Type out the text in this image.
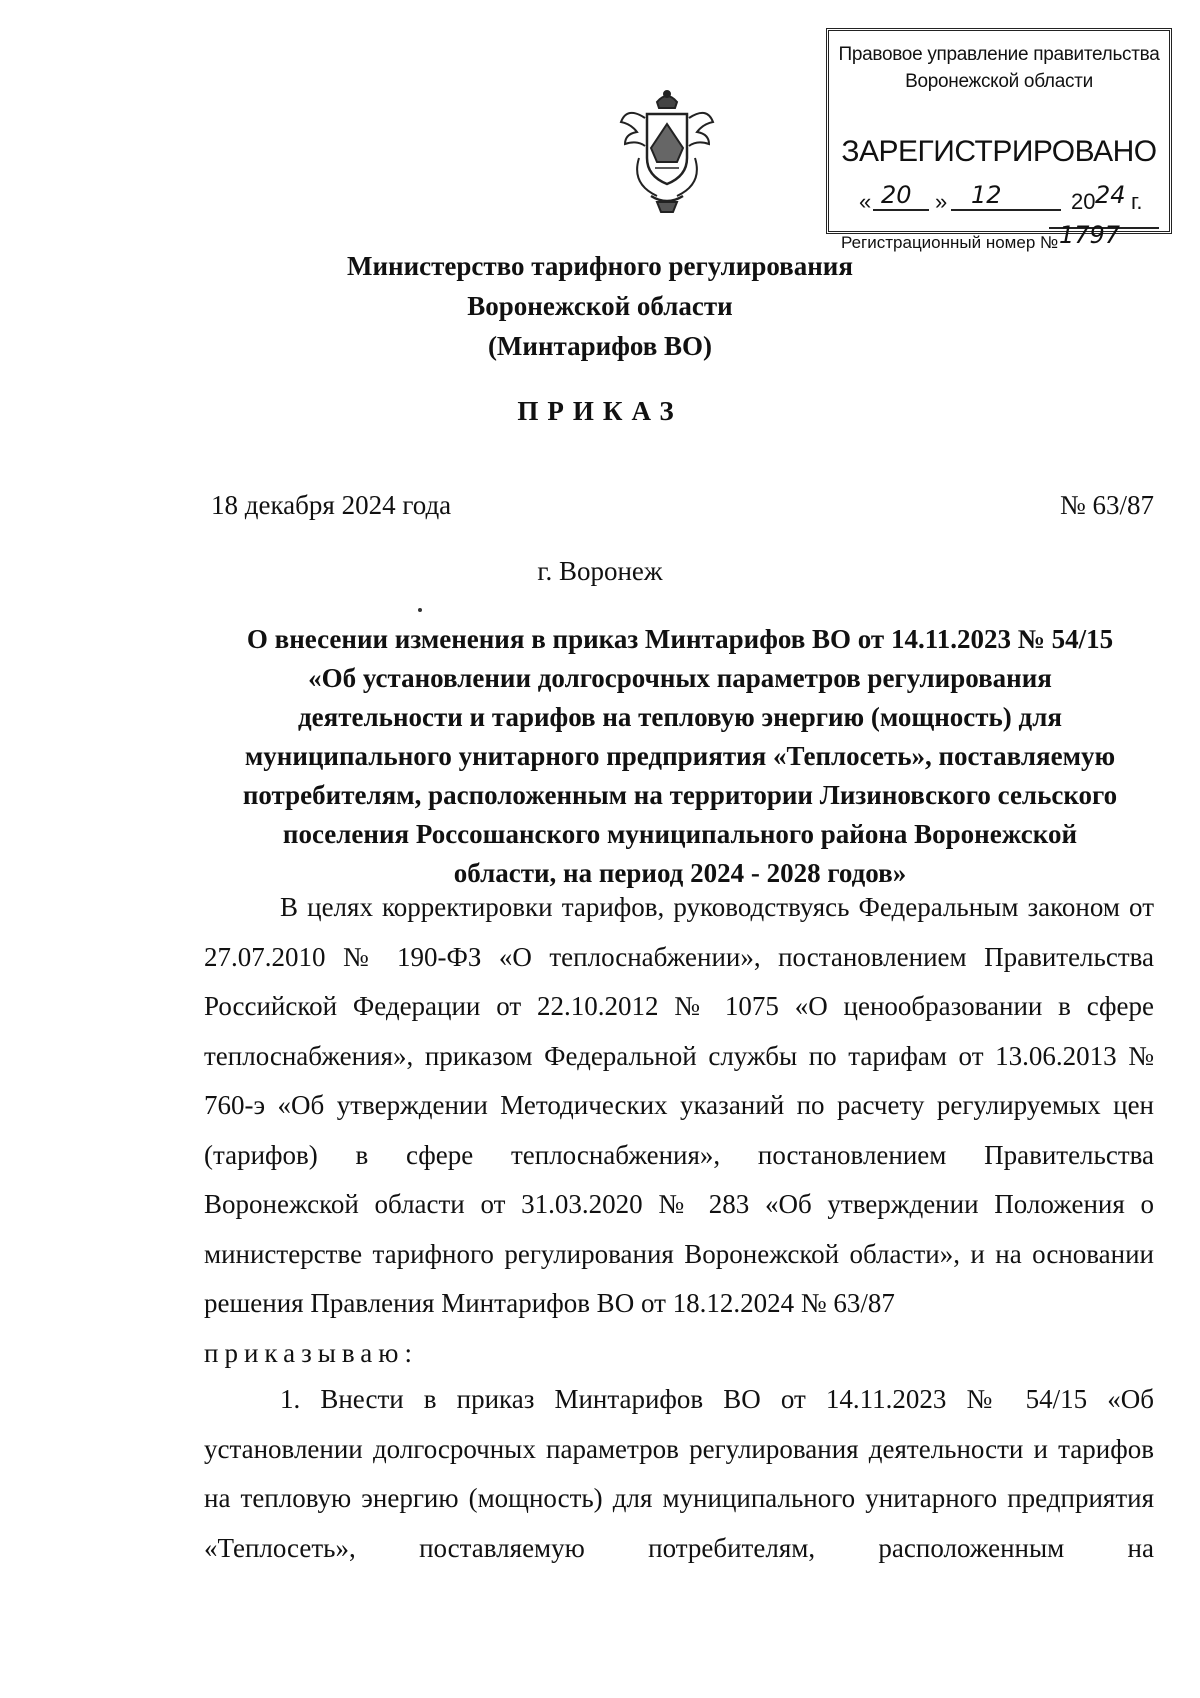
Правовое управление правительства
Воронежской области
ЗАРЕГИСТРИРОВАНО
« 20 » 12	20 24 г.
Регистрационный номер № 1797
Министерство тарифного регулирования
Воронежской области
(Минтарифов ВО)
ПРИКАЗ
18 декабря 2024 года	№ 63/87
г. Воронеж
О внесении изменения в приказ Минтарифов ВО от 14.11.2023 № 54/15
«Об установлении долгосрочных параметров регулирования
деятельности и тарифов на тепловую энергию (мощность) для
муниципального унитарного предприятия «Теплосеть», поставляемую
потребителям, расположенным на территории Лизиновского сельского
поселения Россошанского муниципального района Воронежской
области, на период 2024 - 2028 годов»

В целях корректировки тарифов, руководствуясь Федеральным законом от 27.07.2010 № 190-ФЗ «О теплоснабжении», постановлением Правительства Российской Федерации от 22.10.2012 № 1075 «О ценообразовании в сфере теплоснабжения», приказом Федеральной службы по тарифам от 13.06.2013 № 760-э «Об утверждении Методических указаний по расчету регулируемых цен (тарифов) в сфере теплоснабжения», постановлением Правительства Воронежской области от 31.03.2020 № 283 «Об утверждении Положения о министерстве тарифного регулирования Воронежской области», и на основании решения Правления Минтарифов ВО от 18.12.2024 № 63/87

приказываю:

1. Внести в приказ Минтарифов ВО от 14.11.2023 № 54/15 «Об установлении долгосрочных параметров регулирования деятельности и тарифов на тепловую энергию (мощность) для муниципального унитарного предприятия «Теплосеть», поставляемую потребителям, расположенным на
